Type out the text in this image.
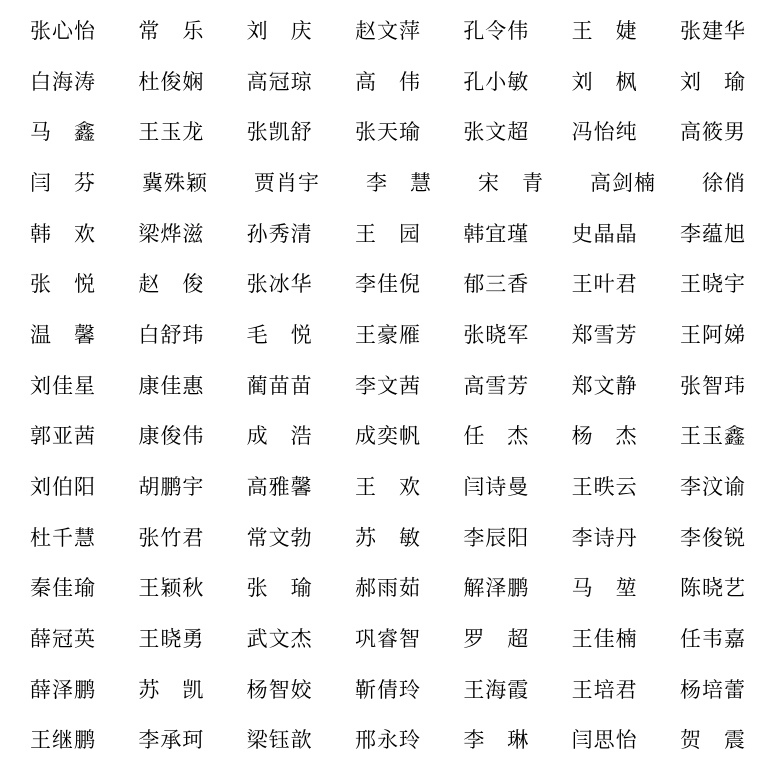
张心怡 常　乐 刘　庆 赵文萍 孔令伟 王　婕 张建华
白海涛 杜俊娴 高冠琼 高　伟 孔小敏 刘　枫 刘　瑜
马　鑫 王玉龙 张凯舒 张天瑜 张文超 冯怡纯 高筱男
闫　芬 冀殊颖 贾肖宇 李　慧 宋　青 高剑楠 徐俏
韩　欢 梁烨滋 孙秀清 王　园 韩宜瑾 史晶晶 李蕴旭
张　悦 赵　俊 张冰华 李佳倪 郁三香 王叶君 王晓宇
温　馨 白舒玮 毛　悦 王豪雁 张晓军 郑雪芳 王阿娣
刘佳星 康佳惠 蔺苗苗 李文茜 高雪芳 郑文静 张智玮
郭亚茜 康俊伟 成　浩 成奕帆 任　杰 杨　杰 王玉鑫
刘伯阳 胡鹏宇 高雅馨 王　欢 闫诗曼 王昳云 李汶谕
杜千慧 张竹君 常文勃 苏　敏 李辰阳 李诗丹 李俊锐
秦佳瑜 王颖秋 张　瑜 郝雨茹 解泽鹏 马　堃 陈晓艺
薛冠英 王晓勇 武文杰 巩睿智 罗　超 王佳楠 任韦嘉
薛泽鹏 苏　凯 杨智姣 靳倩玲 王海霞 王培君 杨培蕾
王继鹏 李承珂 梁钰歆 邢永玲 李　琳 闫思怡 贺　震
